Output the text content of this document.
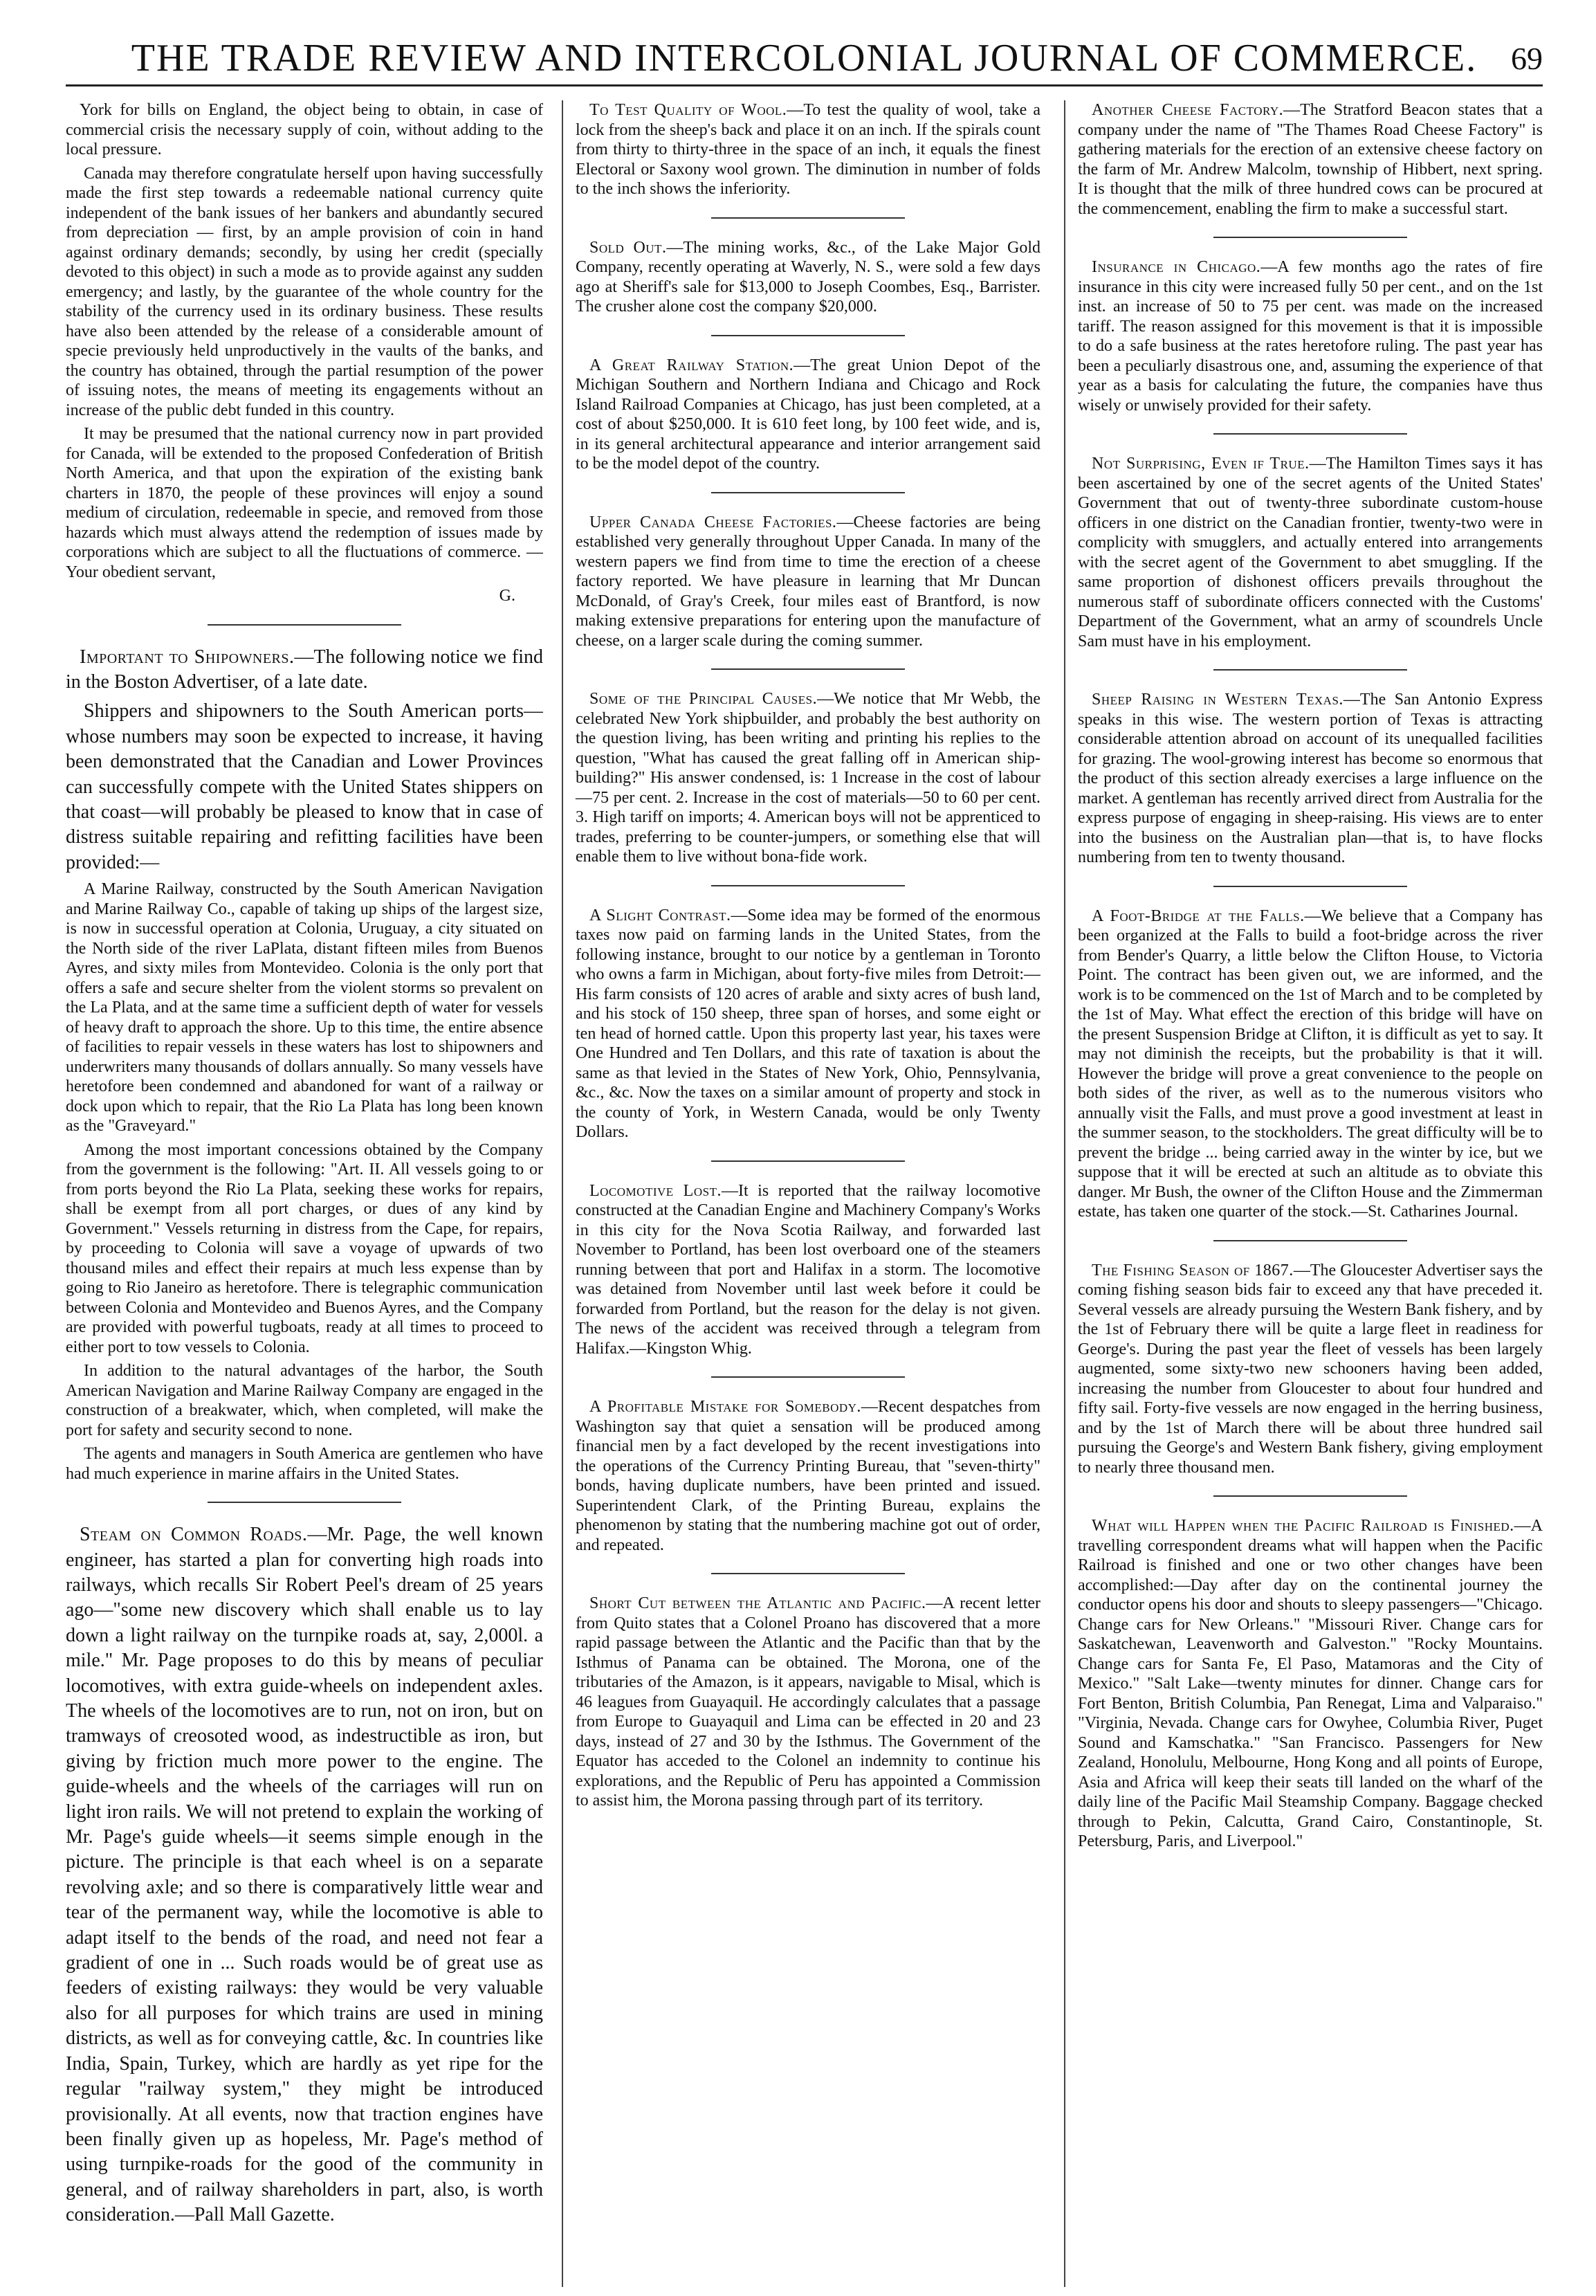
THE TRADE REVIEW AND INTERCOLONIAL JOURNAL OF COMMERCE.	69

York for bills on England, the object being to obtain, in case of commercial crisis the necessary supply of coin, without adding to the local pressure.

Canada may therefore congratulate herself upon having successfully made the first step towards a redeemable national currency quite independent of the bank issues of her bankers and abundantly secured from depreciation — first, by an ample provision of coin in hand against ordinary demands; secondly, by using her credit (specially devoted to this object) in such a mode as to provide against any sudden emergency; and lastly, by the guarantee of the whole country for the stability of the currency used in its ordinary business. These results have also been attended by the release of a considerable amount of specie previously held unproductively in the vaults of the banks, and the country has obtained, through the partial resumption of the power of issuing notes, the means of meeting its engagements without an increase of the public debt funded in this country.

It may be presumed that the national currency now in part provided for Canada, will be extended to the proposed Confederation of British North America, and that upon the expiration of the existing bank charters in 1870, the people of these provinces will enjoy a sound medium of circulation, redeemable in specie, and removed from those hazards which must always attend the redemption of issues made by corporations which are subject to all the fluctuations of commerce. — Your obedient servant,

G.

Important to Shipowners.—The following notice we find in the Boston Advertiser, of a late date.

Shippers and shipowners to the South American ports—whose numbers may soon be expected to increase, it having been demonstrated that the Canadian and Lower Provinces can successfully compete with the United States shippers on that coast—will probably be pleased to know that in case of distress suitable repairing and refitting facilities have been provided:—

A Marine Railway, constructed by the South American Navigation and Marine Railway Co., capable of taking up ships of the largest size, is now in successful operation at Colonia, Uruguay, a city situated on the North side of the river LaPlata, distant fifteen miles from Buenos Ayres, and sixty miles from Montevideo. Colonia is the only port that offers a safe and secure shelter from the violent storms so prevalent on the La Plata, and at the same time a sufficient depth of water for vessels of heavy draft to approach the shore. Up to this time, the entire absence of facilities to repair vessels in these waters has lost to shipowners and underwriters many thousands of dollars annually. So many vessels have heretofore been condemned and abandoned for want of a railway or dock upon which to repair, that the Rio La Plata has long been known as the "Graveyard."

Among the most important concessions obtained by the Company from the government is the following: "Art. II. All vessels going to or from ports beyond the Rio La Plata, seeking these works for repairs, shall be exempt from all port charges, or dues of any kind by Government." Vessels returning in distress from the Cape, for repairs, by proceeding to Colonia will save a voyage of upwards of two thousand miles and effect their repairs at much less expense than by going to Rio Janeiro as heretofore. There is telegraphic communication between Colonia and Montevideo and Buenos Ayres, and the Company are provided with powerful tugboats, ready at all times to proceed to either port to tow vessels to Colonia.

In addition to the natural advantages of the harbor, the South American Navigation and Marine Railway Company are engaged in the construction of a breakwater, which, when completed, will make the port for safety and security second to none.

The agents and managers in South America are gentlemen who have had much experience in marine affairs in the United States.

Steam on Common Roads.—Mr. Page, the well known engineer, has started a plan for converting high roads into railways, which recalls Sir Robert Peel's dream of 25 years ago—"some new discovery which shall enable us to lay down a light railway on the turnpike roads at, say, 2,000l. a mile." Mr. Page proposes to do this by means of peculiar locomotives, with extra guide-wheels on independent axles. The wheels of the locomotives are to run, not on iron, but on tramways of creosoted wood, as indestructible as iron, but giving by friction much more power to the engine. The guide-wheels and the wheels of the carriages will run on light iron rails. We will not pretend to explain the working of Mr. Page's guide wheels—it seems simple enough in the picture. The principle is that each wheel is on a separate revolving axle; and so there is comparatively little wear and tear of the permanent way, while the locomotive is able to adapt itself to the bends of the road, and need not fear a gradient of one in ... Such roads would be of great use as feeders of existing railways: they would be very valuable also for all purposes for which trains are used in mining districts, as well as for conveying cattle, &c. In countries like India, Spain, Turkey, which are hardly as yet ripe for the regular "railway system," they might be introduced provisionally. At all events, now that traction engines have been finally given up as hopeless, Mr. Page's method of using turnpike-roads for the good of the community in general, and of railway shareholders in part, also, is worth consideration.—Pall Mall Gazette.

To Test Quality of Wool.—To test the quality of wool, take a lock from the sheep's back and place it on an inch. If the spirals count from thirty to thirty-three in the space of an inch, it equals the finest Electoral or Saxony wool grown. The diminution in number of folds to the inch shows the inferiority.

Sold Out.—The mining works, &c., of the Lake Major Gold Company, recently operating at Waverly, N. S., were sold a few days ago at Sheriff's sale for $13,000 to Joseph Coombes, Esq., Barrister. The crusher alone cost the company $20,000.

A Great Railway Station.—The great Union Depot of the Michigan Southern and Northern Indiana and Chicago and Rock Island Railroad Companies at Chicago, has just been completed, at a cost of about $250,000. It is 610 feet long, by 100 feet wide, and is, in its general architectural appearance and interior arrangement said to be the model depot of the country.

Upper Canada Cheese Factories.—Cheese factories are being established very generally throughout Upper Canada. In many of the western papers we find from time to time the erection of a cheese factory reported. We have pleasure in learning that Mr Duncan McDonald, of Gray's Creek, four miles east of Brantford, is now making extensive preparations for entering upon the manufacture of cheese, on a larger scale during the coming summer.

Some of the Principal Causes.—We notice that Mr Webb, the celebrated New York shipbuilder, and probably the best authority on the question living, has been writing and printing his replies to the question, "What has caused the great falling off in American ship-building?" His answer condensed, is: 1 Increase in the cost of labour—75 per cent. 2. Increase in the cost of materials—50 to 60 per cent. 3. High tariff on imports; 4. American boys will not be apprenticed to trades, preferring to be counter-jumpers, or something else that will enable them to live without bona-fide work.

A Slight Contrast.—Some idea may be formed of the enormous taxes now paid on farming lands in the United States, from the following instance, brought to our notice by a gentleman in Toronto who owns a farm in Michigan, about forty-five miles from Detroit:—His farm consists of 120 acres of arable and sixty acres of bush land, and his stock of 150 sheep, three span of horses, and some eight or ten head of horned cattle. Upon this property last year, his taxes were One Hundred and Ten Dollars, and this rate of taxation is about the same as that levied in the States of New York, Ohio, Pennsylvania, &c., &c. Now the taxes on a similar amount of property and stock in the county of York, in Western Canada, would be only Twenty Dollars.

Locomotive Lost.—It is reported that the railway locomotive constructed at the Canadian Engine and Machinery Company's Works in this city for the Nova Scotia Railway, and forwarded last November to Portland, has been lost overboard one of the steamers running between that port and Halifax in a storm. The locomotive was detained from November until last week before it could be forwarded from Portland, but the reason for the delay is not given. The news of the accident was received through a telegram from Halifax.—Kingston Whig.

A Profitable Mistake for Somebody.—Recent despatches from Washington say that quiet a sensation will be produced among financial men by a fact developed by the recent investigations into the operations of the Currency Printing Bureau, that "seven-thirty" bonds, having duplicate numbers, have been printed and issued. Superintendent Clark, of the Printing Bureau, explains the phenomenon by stating that the numbering machine got out of order, and repeated.

Short Cut between the Atlantic and Pacific.—A recent letter from Quito states that a Colonel Proano has discovered that a more rapid passage between the Atlantic and the Pacific than that by the Isthmus of Panama can be obtained. The Morona, one of the tributaries of the Amazon, is it appears, navigable to Misal, which is 46 leagues from Guayaquil. He accordingly calculates that a passage from Europe to Guayaquil and Lima can be effected in 20 and 23 days, instead of 27 and 30 by the Isthmus. The Government of the Equator has acceded to the Colonel an indemnity to continue his explorations, and the Republic of Peru has appointed a Commission to assist him, the Morona passing through part of its territory.

Another Cheese Factory.—The Stratford Beacon states that a company under the name of "The Thames Road Cheese Factory" is gathering materials for the erection of an extensive cheese factory on the farm of Mr. Andrew Malcolm, township of Hibbert, next spring. It is thought that the milk of three hundred cows can be procured at the commencement, enabling the firm to make a successful start.

Insurance in Chicago.—A few months ago the rates of fire insurance in this city were increased fully 50 per cent., and on the 1st inst. an increase of 50 to 75 per cent. was made on the increased tariff. The reason assigned for this movement is that it is impossible to do a safe business at the rates heretofore ruling. The past year has been a peculiarly disastrous one, and, assuming the experience of that year as a basis for calculating the future, the companies have thus wisely or unwisely provided for their safety.

Not Surprising, Even if True.—The Hamilton Times says it has been ascertained by one of the secret agents of the United States' Government that out of twenty-three subordinate custom-house officers in one district on the Canadian frontier, twenty-two were in complicity with smugglers, and actually entered into arrangements with the secret agent of the Government to abet smuggling. If the same proportion of dishonest officers prevails throughout the numerous staff of subordinate officers connected with the Customs' Department of the Government, what an army of scoundrels Uncle Sam must have in his employment.

Sheep Raising in Western Texas.—The San Antonio Express speaks in this wise. The western portion of Texas is attracting considerable attention abroad on account of its unequalled facilities for grazing. The wool-growing interest has become so enormous that the product of this section already exercises a large influence on the market. A gentleman has recently arrived direct from Australia for the express purpose of engaging in sheep-raising. His views are to enter into the business on the Australian plan—that is, to have flocks numbering from ten to twenty thousand.

A Foot-Bridge at the Falls.—We believe that a Company has been organized at the Falls to build a foot-bridge across the river from Bender's Quarry, a little below the Clifton House, to Victoria Point. The contract has been given out, we are informed, and the work is to be commenced on the 1st of March and to be completed by the 1st of May. What effect the erection of this bridge will have on the present Suspension Bridge at Clifton, it is difficult as yet to say. It may not diminish the receipts, but the probability is that it will. However the bridge will prove a great convenience to the people on both sides of the river, as well as to the numerous visitors who annually visit the Falls, and must prove a good investment at least in the summer season, to the stockholders. The great difficulty will be to prevent the bridge ... being carried away in the winter by ice, but we suppose that it will be erected at such an altitude as to obviate this danger. Mr Bush, the owner of the Clifton House and the Zimmerman estate, has taken one quarter of the stock.—St. Catharines Journal.

The Fishing Season of 1867.—The Gloucester Advertiser says the coming fishing season bids fair to exceed any that have preceded it. Several vessels are already pursuing the Western Bank fishery, and by the 1st of February there will be quite a large fleet in readiness for George's. During the past year the fleet of vessels has been largely augmented, some sixty-two new schooners having been added, increasing the number from Gloucester to about four hundred and fifty sail. Forty-five vessels are now engaged in the herring business, and by the 1st of March there will be about three hundred sail pursuing the George's and Western Bank fishery, giving employment to nearly three thousand men.

What will Happen when the Pacific Railroad is Finished.—A travelling correspondent dreams what will happen when the Pacific Railroad is finished and one or two other changes have been accomplished:—Day after day on the continental journey the conductor opens his door and shouts to sleepy passengers—"Chicago. Change cars for New Orleans." "Missouri River. Change cars for Saskatchewan, Leavenworth and Galveston." "Rocky Mountains. Change cars for Santa Fe, El Paso, Matamoras and the City of Mexico." "Salt Lake—twenty minutes for dinner. Change cars for Fort Benton, British Columbia, Pan Renegat, Lima and Valparaiso." "Virginia, Nevada. Change cars for Owyhee, Columbia River, Puget Sound and Kamschatka." "San Francisco. Passengers for New Zealand, Honolulu, Melbourne, Hong Kong and all points of Europe, Asia and Africa will keep their seats till landed on the wharf of the daily line of the Pacific Mail Steamship Company. Baggage checked through to Pekin, Calcutta, Grand Cairo, Constantinople, St. Petersburg, Paris, and Liverpool."
